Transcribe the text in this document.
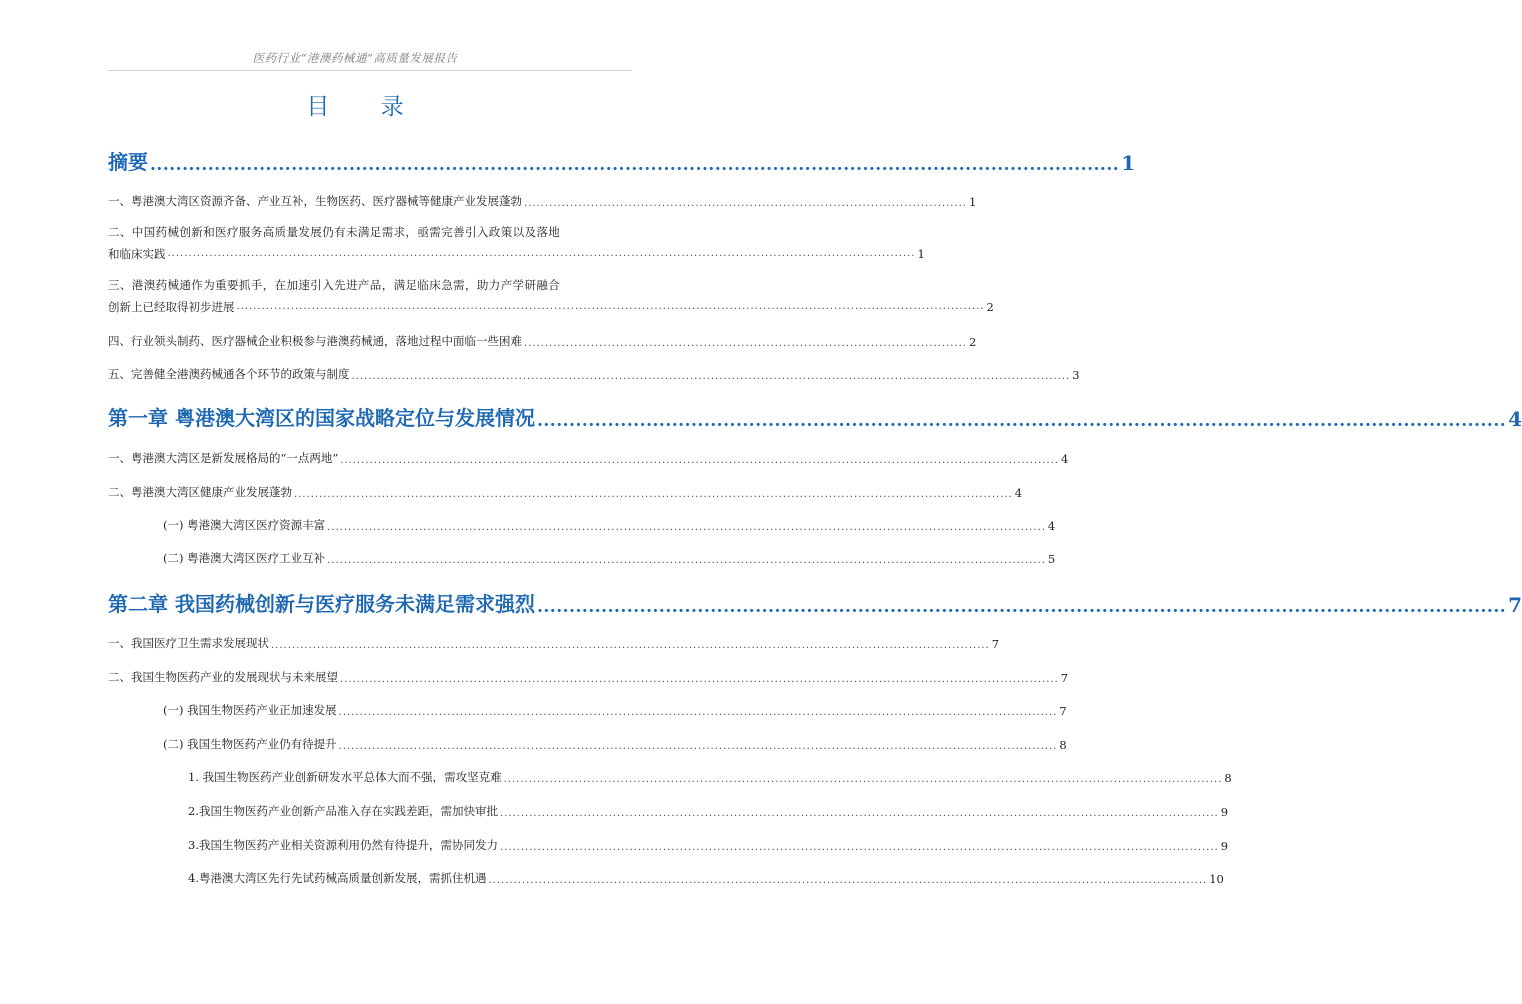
医药行业“港澳药械通”高质量发展报告
目 录
摘要 ....................................................................................................................................................... 1
一、粤港澳大湾区资源齐备、产业互补，生物医药、医疗器械等健康产业发展蓬勃 .......................................................................................................... 1
二、中国药械创新和医疗服务高质量发展仍有未满足需求，亟需完善引入政策以及落地
和临床实践 ................................................................................................................................................................................... 1
三、港澳药械通作为重要抓手，在加速引入先进产品，满足临床急需，助力产学研融合
创新上已经取得初步进展 ................................................................................................................................................................................... 2
四、行业领头制药、医疗器械企业积极参与港澳药械通，落地过程中面临一些困难 .......................................................................................................... 2
五、完善健全港澳药械通各个环节的政策与制度 ............................................................................................................................................................................ 3
第一章 粤港澳大湾区的国家战略定位与发展情况 ....................................................................................................................................................... 4
一、粤港澳大湾区是新发展格局的“一点两地” ............................................................................................................................................................................ 4
二、粤港澳大湾区健康产业发展蓬勃 ............................................................................................................................................................................ 4
(一) 粤港澳大湾区医疗资源丰富 ............................................................................................................................................................................ 4
(二) 粤港澳大湾区医疗工业互补 ............................................................................................................................................................................ 5
第二章 我国药械创新与医疗服务未满足需求强烈 ....................................................................................................................................................... 7
一、我国医疗卫生需求发展现状 ............................................................................................................................................................................ 7
二、我国生物医药产业的发展现状与未来展望 ............................................................................................................................................................................ 7
(一) 我国生物医药产业正加速发展 ............................................................................................................................................................................ 7
(二) 我国生物医药产业仍有待提升 ............................................................................................................................................................................ 8
1. 我国生物医药产业创新研发水平总体大而不强，需攻坚克难 ............................................................................................................................................................................ 8
2.我国生物医药产业创新产品准入存在实践差距，需加快审批 ............................................................................................................................................................................ 9
3.我国生物医药产业相关资源利用仍然有待提升，需协同发力 ............................................................................................................................................................................ 9
4.粤港澳大湾区先行先试药械高质量创新发展，需抓住机遇 ............................................................................................................................................................................ 10
